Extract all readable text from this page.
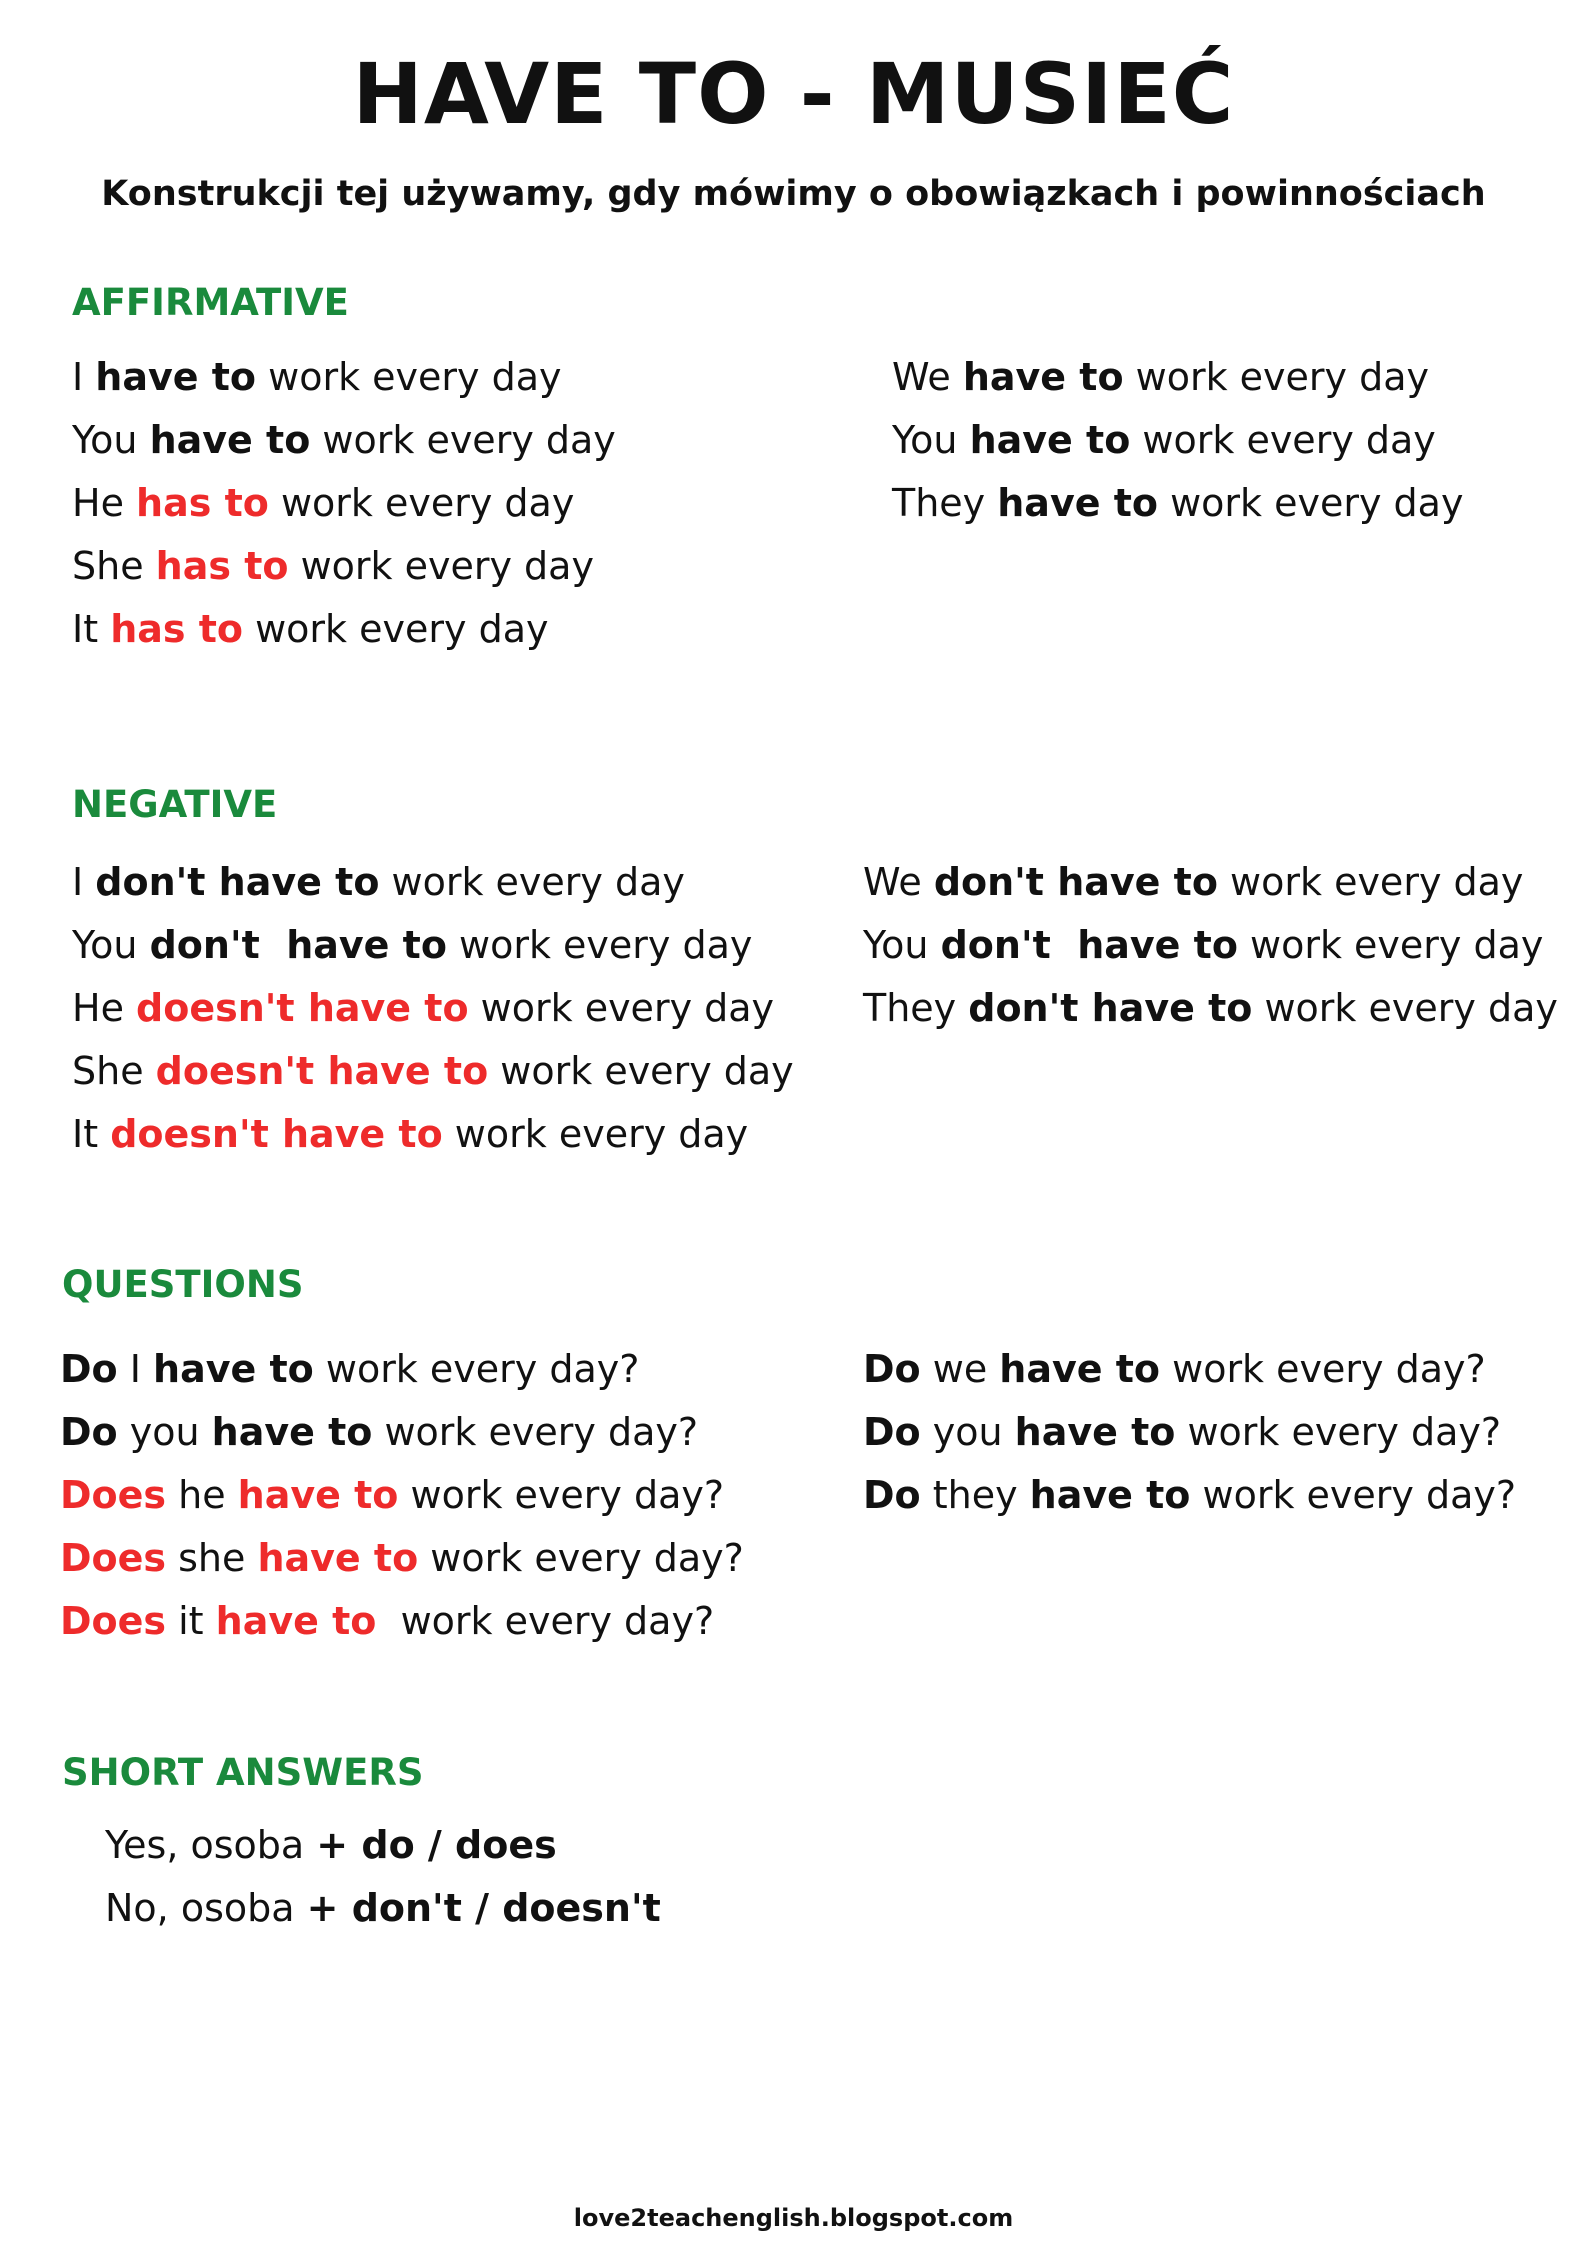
HAVE TO - MUSIEĆ
Konstrukcji tej używamy, gdy mówimy o obowiązkach i powinnościach
AFFIRMATIVE
I have to work every day
You have to work every day
He has to work every day
She has to work every day
It has to work every day
We have to work every day
You have to work every day
They have to work every day
NEGATIVE
I don't have to work every day
You don't  have to work every day
He doesn't have to work every day
She doesn't have to work every day
It doesn't have to work every day
We don't have to work every day
You don't  have to work every day
They don't have to work every day
QUESTIONS
Do I have to work every day?
Do you have to work every day?
Does he have to work every day?
Does she have to work every day?
Does it have to  work every day?
Do we have to work every day?
Do you have to work every day?
Do they have to work every day?
SHORT ANSWERS
Yes, osoba + do / does
No, osoba + don't / doesn't
love2teachenglish.blogspot.com
